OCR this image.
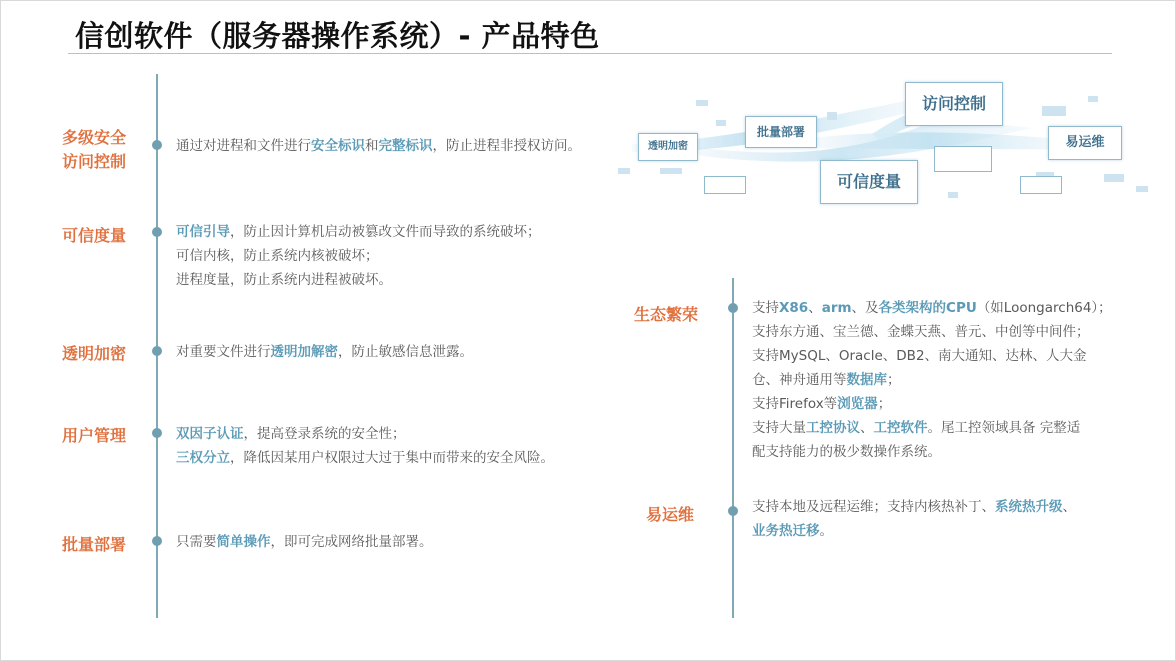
信创软件（服务器操作系统）- 产品特色
多级安全
访问控制
通过对进程和文件进行安全标识和完整标识，防止进程非授权访问。
可信度量	可信引导，防止因计算机启动被篡改文件而导致的系统破坏；
可信内核，防止系统内核被破坏；
进程度量，防止系统内进程被破坏。
透明加密	对重要文件进行透明加解密，防止敏感信息泄露。
用户管理	双因子认证，提高登录系统的安全性；
三权分立，降低因某用户权限过大过于集中而带来的安全风险。
批量部署	只需要简单操作，即可完成网络批量部署。
生态繁荣	支持X86、arm、及各类架构的CPU（如Loongarch64）；
支持东方通、宝兰德、金蝶天燕、普元、中创等中间件；
支持MySQL、Oracle、DB2、南大通知、达林、人大金
仓、神舟通用等数据库；
支持Firefox等浏览器；
支持大量工控协议、工控软件。尾工控领域具备 完整适
配支持能力的极少数操作系统。
易运维	支持本地及远程运维；支持内核热补丁、系统热升级、
业务热迁移。
透明加密
批量部署
访问控制
易运维
可信度量
